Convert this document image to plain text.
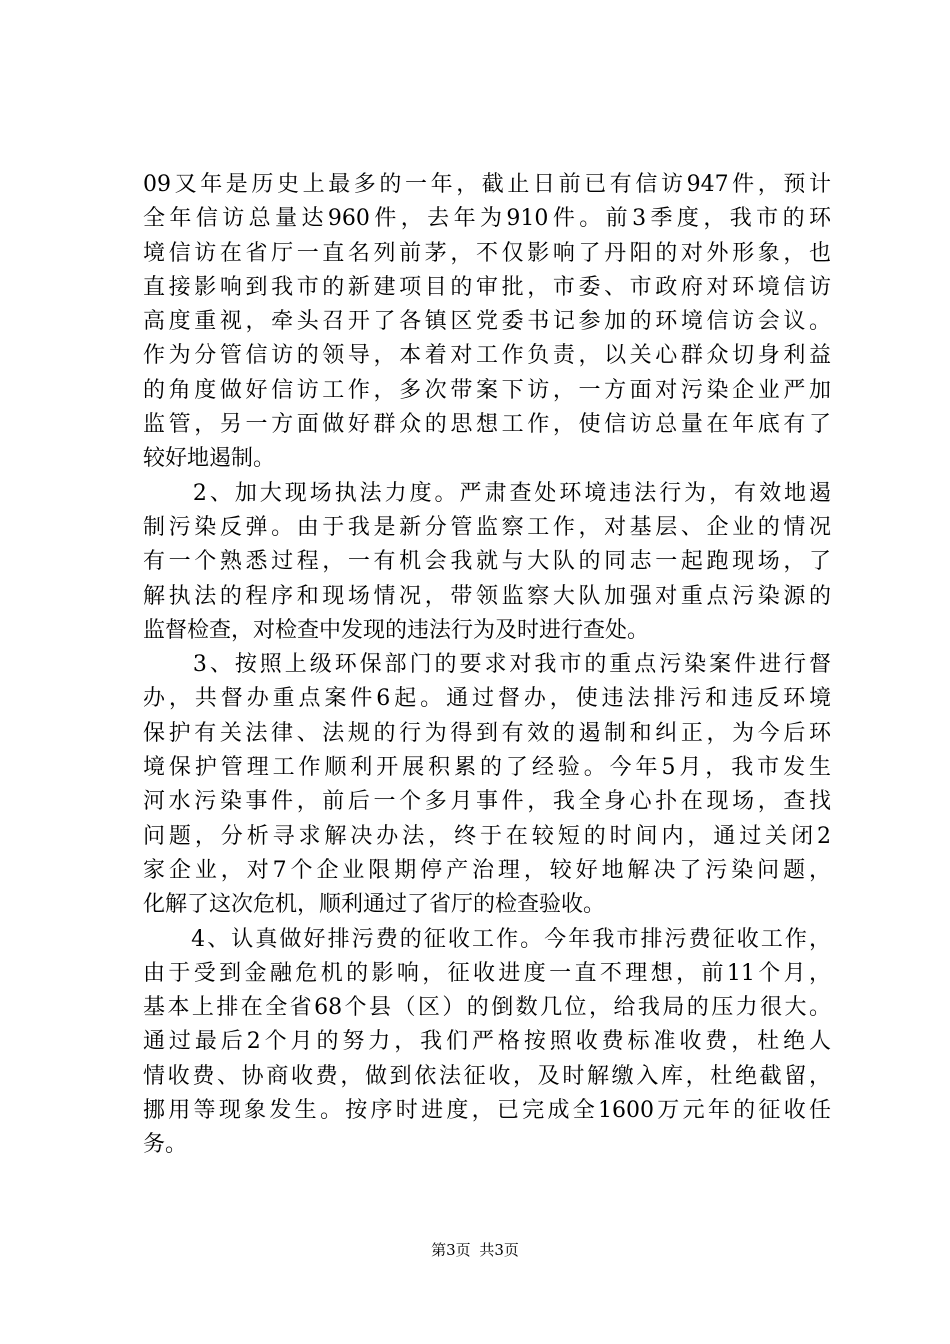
09又年是历史上最多的一年，截止日前已有信访947件，预计
全年信访总量达960件，去年为910件。前3季度，我市的环
境信访在省厅一直名列前茅，不仅影响了丹阳的对外形象，也
直接影响到我市的新建项目的审批，市委、市政府对环境信访
高度重视，牵头召开了各镇区党委书记参加的环境信访会议。
作为分管信访的领导，本着对工作负责，以关心群众切身利益
的角度做好信访工作，多次带案下访，一方面对污染企业严加
监管，另一方面做好群众的思想工作，使信访总量在年底有了
较好地遏制。
　　2、加大现场执法力度。严肃查处环境违法行为，有效地遏
制污染反弹。由于我是新分管监察工作，对基层、企业的情况
有一个熟悉过程，一有机会我就与大队的同志一起跑现场，了
解执法的程序和现场情况，带领监察大队加强对重点污染源的
监督检查，对检查中发现的违法行为及时进行查处。
　　3、按照上级环保部门的要求对我市的重点污染案件进行督
办，共督办重点案件6起。通过督办，使违法排污和违反环境
保护有关法律、法规的行为得到有效的遏制和纠正，为今后环
境保护管理工作顺利开展积累的了经验。今年5月，我市发生
河水污染事件，前后一个多月事件，我全身心扑在现场，查找
问题，分析寻求解决办法，终于在较短的时间内，通过关闭2
家企业，对7个企业限期停产治理，较好地解决了污染问题，
化解了这次危机，顺利通过了省厅的检查验收。
　　4、认真做好排污费的征收工作。今年我市排污费征收工作，
由于受到金融危机的影响，征收进度一直不理想，前11个月，
基本上排在全省68个县（区）的倒数几位，给我局的压力很大。
通过最后2个月的努力，我们严格按照收费标准收费，杜绝人
情收费、协商收费，做到依法征收，及时解缴入库，杜绝截留，
挪用等现象发生。按序时进度，已完成全1600万元年的征收任
务。
第3页 共3页
